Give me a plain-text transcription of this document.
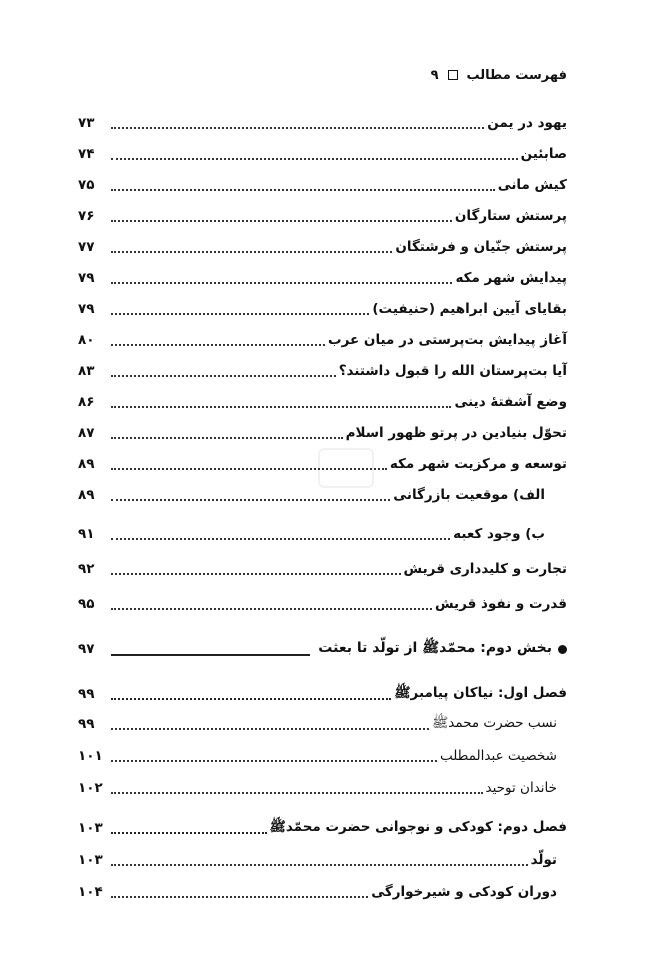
فهرست مطالب
۹
یهود در یمن
۷۳
صابئین
۷۴
کیش مانی
۷۵
پرستش ستارگان
۷۶
پرستش جنّیان و فرشتگان
۷۷
پیدایش شهر مکه
۷۹
بقایای آیین ابراهیم (حنیفیت)
۷۹
آغاز پیدایش بت‌پرستی در میان عرب
۸۰
آیا بت‌پرستان الله را قبول داشتند؟
۸۳
وضع آشفتهٔ دینی
۸۶
تحوّل بنیادین در پرتو ظهور اسلام
۸۷
توسعه و مرکزیت شهر مکه
۸۹
الف) موقعیت بازرگانی
۸۹
ب) وجود کعبه
۹۱
تجارت و کلیدداری قریش
۹۲
قدرت و نفوذ قریش
۹۵
بخش دوم: محمّدﷺ از تولّد تا بعثت
۹۷
فصل اول: نیاکان پیامبرﷺ
۹۹
نسب حضرت محمدﷺ
۹۹
شخصیت عبدالمطلب
۱۰۱
خاندان توحید
۱۰۲
فصل دوم: کودکی و نوجوانی حضرت محمّدﷺ
۱۰۳
تولّد
۱۰۳
دوران کودکی و شیرخوارگی
۱۰۴
